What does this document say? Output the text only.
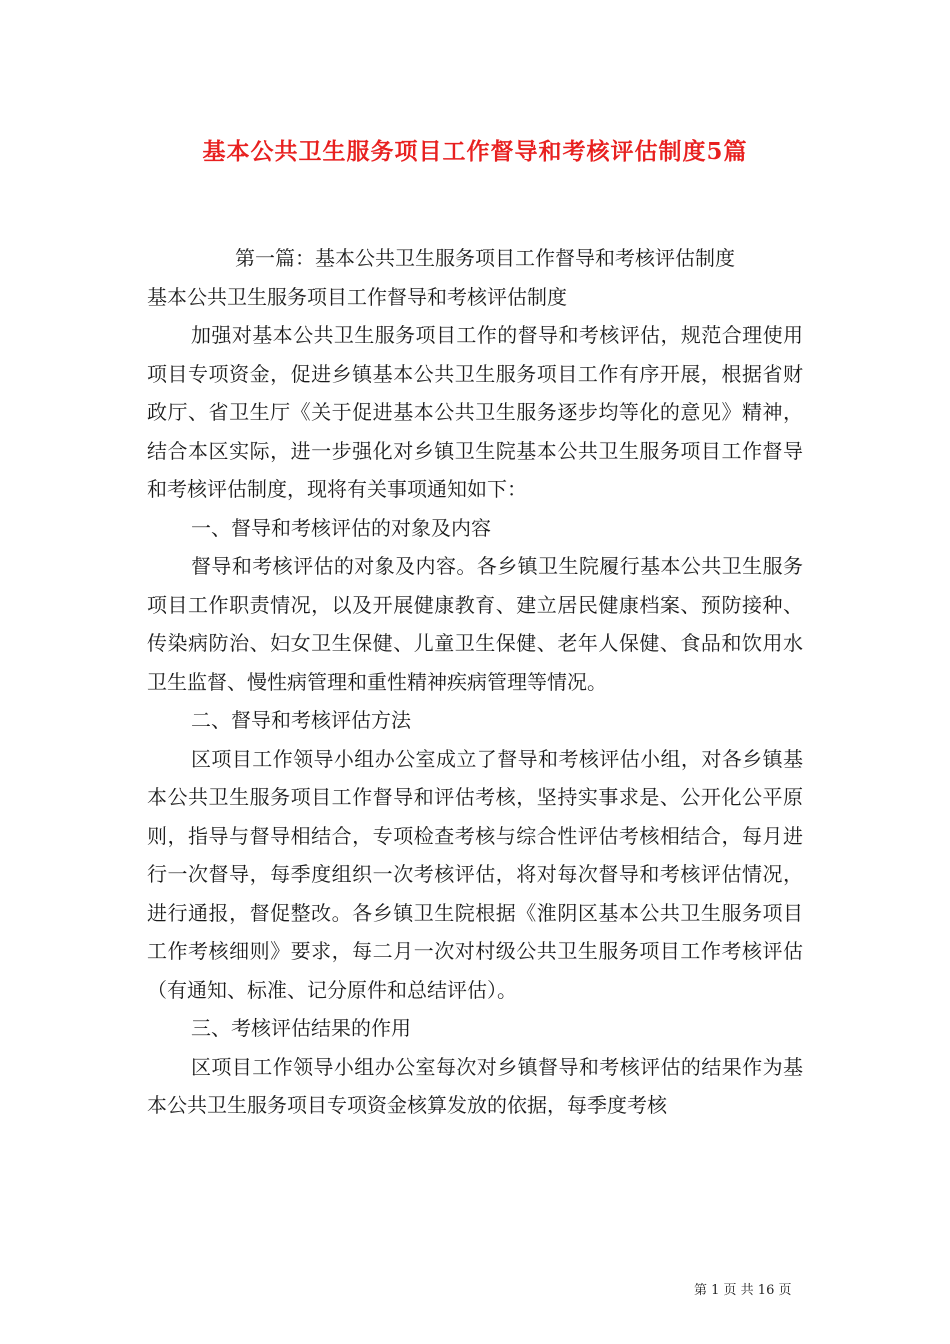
基本公共卫生服务项目工作督导和考核评估制度5篇

第一篇：基本公共卫生服务项目工作督导和考核评估制度

基本公共卫生服务项目工作督导和考核评估制度

加强对基本公共卫生服务项目工作的督导和考核评估，规范合理使用项目专项资金，促进乡镇基本公共卫生服务项目工作有序开展，根据省财政厅、省卫生厅《关于促进基本公共卫生服务逐步均等化的意见》精神，结合本区实际，进一步强化对乡镇卫生院基本公共卫生服务项目工作督导和考核评估制度，现将有关事项通知如下：

一、督导和考核评估的对象及内容

督导和考核评估的对象及内容。各乡镇卫生院履行基本公共卫生服务项目工作职责情况，以及开展健康教育、建立居民健康档案、预防接种、传染病防治、妇女卫生保健、儿童卫生保健、老年人保健、食品和饮用水卫生监督、慢性病管理和重性精神疾病管理等情况。

二、督导和考核评估方法

区项目工作领导小组办公室成立了督导和考核评估小组，对各乡镇基本公共卫生服务项目工作督导和评估考核，坚持实事求是、公开化公平原则，指导与督导相结合，专项检查考核与综合性评估考核相结合，每月进行一次督导，每季度组织一次考核评估，将对每次督导和考核评估情况，进行通报，督促整改。各乡镇卫生院根据《淮阴区基本公共卫生服务项目工作考核细则》要求，每二月一次对村级公共卫生服务项目工作考核评估（有通知、标准、记分原件和总结评估）。

三、考核评估结果的作用

区项目工作领导小组办公室每次对乡镇督导和考核评估的结果作为基本公共卫生服务项目专项资金核算发放的依据，每季度考核

第 1 页 共 16 页
